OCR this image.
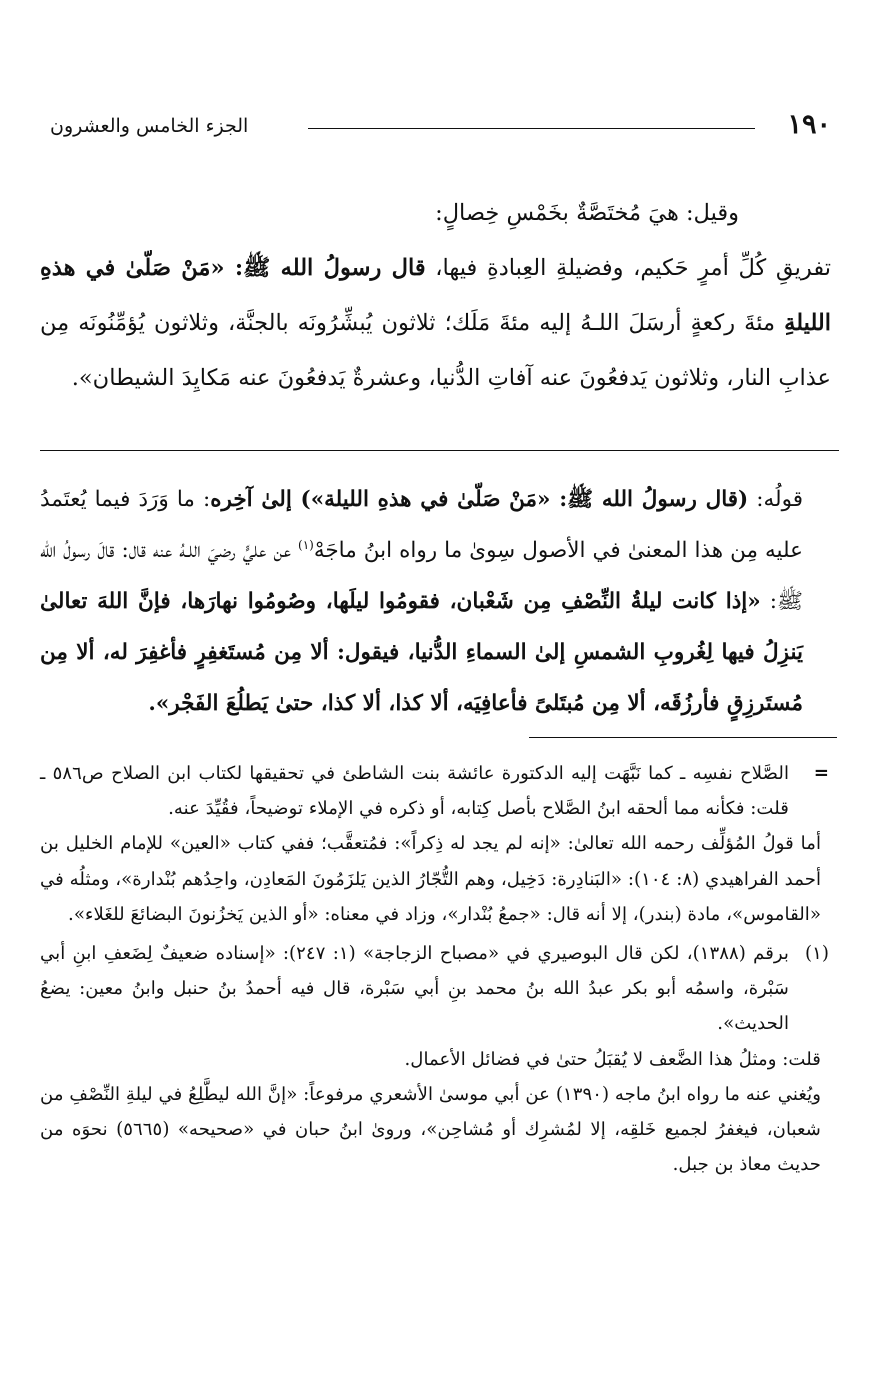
١٩٠
الجزء الخامس والعشرون

وقيل: هيَ مُختَصَّةٌ بخَمْسِ خِصالٍ:

تفريقِ كُلِّ أمرٍ حَكيم، وفضيلةِ العِبادةِ فيها، قال رسولُ الله ﷺ: «مَنْ صَلّىٰ في هذهِ الليلةِ مئةَ ركعةٍ أرسَلَ اللـهُ إليه مئةَ مَلَك؛ ثلاثون يُبشِّرُونَه بالجنَّة، وثلاثون يُؤمِّنُونَه مِن عذابِ النار، وثلاثون يَدفعُونَ عنه آفاتِ الدُّنيا، وعشرةٌ يَدفعُونَ عنه مَكايِدَ الشيطان».

قولُه: (قال رسولُ الله ﷺ: «مَنْ صَلّىٰ في هذهِ الليلة») إلىٰ آخِره: ما وَرَدَ فيما يُعتَمدُ عليه مِن هذا المعنىٰ في الأصول سِوىٰ ما رواه ابنُ ماجَهْ$^{(١)}$ عن عليٍّ رضيَ اللـهُ عنه قال: قالَ رسولُ الله ﷺ: «إذا كانت ليلةُ النِّصْفِ مِن شَعْبان، فقومُوا ليلَها، وصُومُوا نهارَها، فإنَّ اللهَ تعالىٰ يَنزِلُ فيها لِغُروبِ الشمسِ إلىٰ السماءِ الدُّنيا، فيقول: ألا مِن مُستَغفِرٍ فأغفِرَ له، ألا مِن مُستَرزِقٍ فأرزُقَه، ألا مِن مُبتَلىً فأعافِيَه، ألا كذا، ألا كذا، حتىٰ يَطلُعَ الفَجْر».

=
الصَّلاح نفسِه ـ كما نَبَّهَت إليه الدكتورة عائشة بنت الشاطئ في تحقيقها لكتاب ابن الصلاح ص٥٨٦ ـ قلت: فكأنه مما ألحقه ابنُ الصَّلاح بأصل كِتابه، أو ذكره في الإملاء توضيحاً، فقُيِّدَ عنه.

أما قولُ المُؤلِّف رحمه الله تعالىٰ: «إنه لم يجد له ذِكراً»: فمُتعقَّب؛ ففي كتاب «العين» للإمام الخليل بن أحمد الفراهيدي (٨: ١٠٤): «البَنادِرة: دَخِيل، وهم التُّجّارُ الذين يَلزَمُونَ المَعادِن، واحِدُهم بُنْدارة»، ومثلُه في «القاموس»، مادة (بندر)، إلا أنه قال: «جمعُ بُنْدار»، وزاد في معناه: «أو الذين يَخزُنونَ البضائعَ للغَلاء».

(١)
برقم (١٣٨٨)، لكن قال البوصيري في «مصباح الزجاجة» (١: ٢٤٧): «إسناده ضعيفٌ لِضَعفِ ابنِ أبي سَبْرة، واسمُه أبو بكر عبدُ الله بنُ محمد بنِ أبي سَبْرة، قال فيه أحمدُ بنُ حنبل وابنُ معين: يضعُ الحديث».

قلت: ومثلُ هذا الضَّعف لا يُقبَلُ حتىٰ في فضائل الأعمال.

ويُغني عنه ما رواه ابنُ ماجه (١٣٩٠) عن أبي موسىٰ الأشعري مرفوعاً: «إنَّ الله ليطَّلِعُ في ليلةِ النِّصْفِ من شعبان، فيغفرُ لجميع خَلقِه، إلا لمُشرِك أو مُشاحِن»، وروىٰ ابنُ حبان في «صحيحه» (٥٦٦٥) نحوَه من حديث معاذ بن جبل.
